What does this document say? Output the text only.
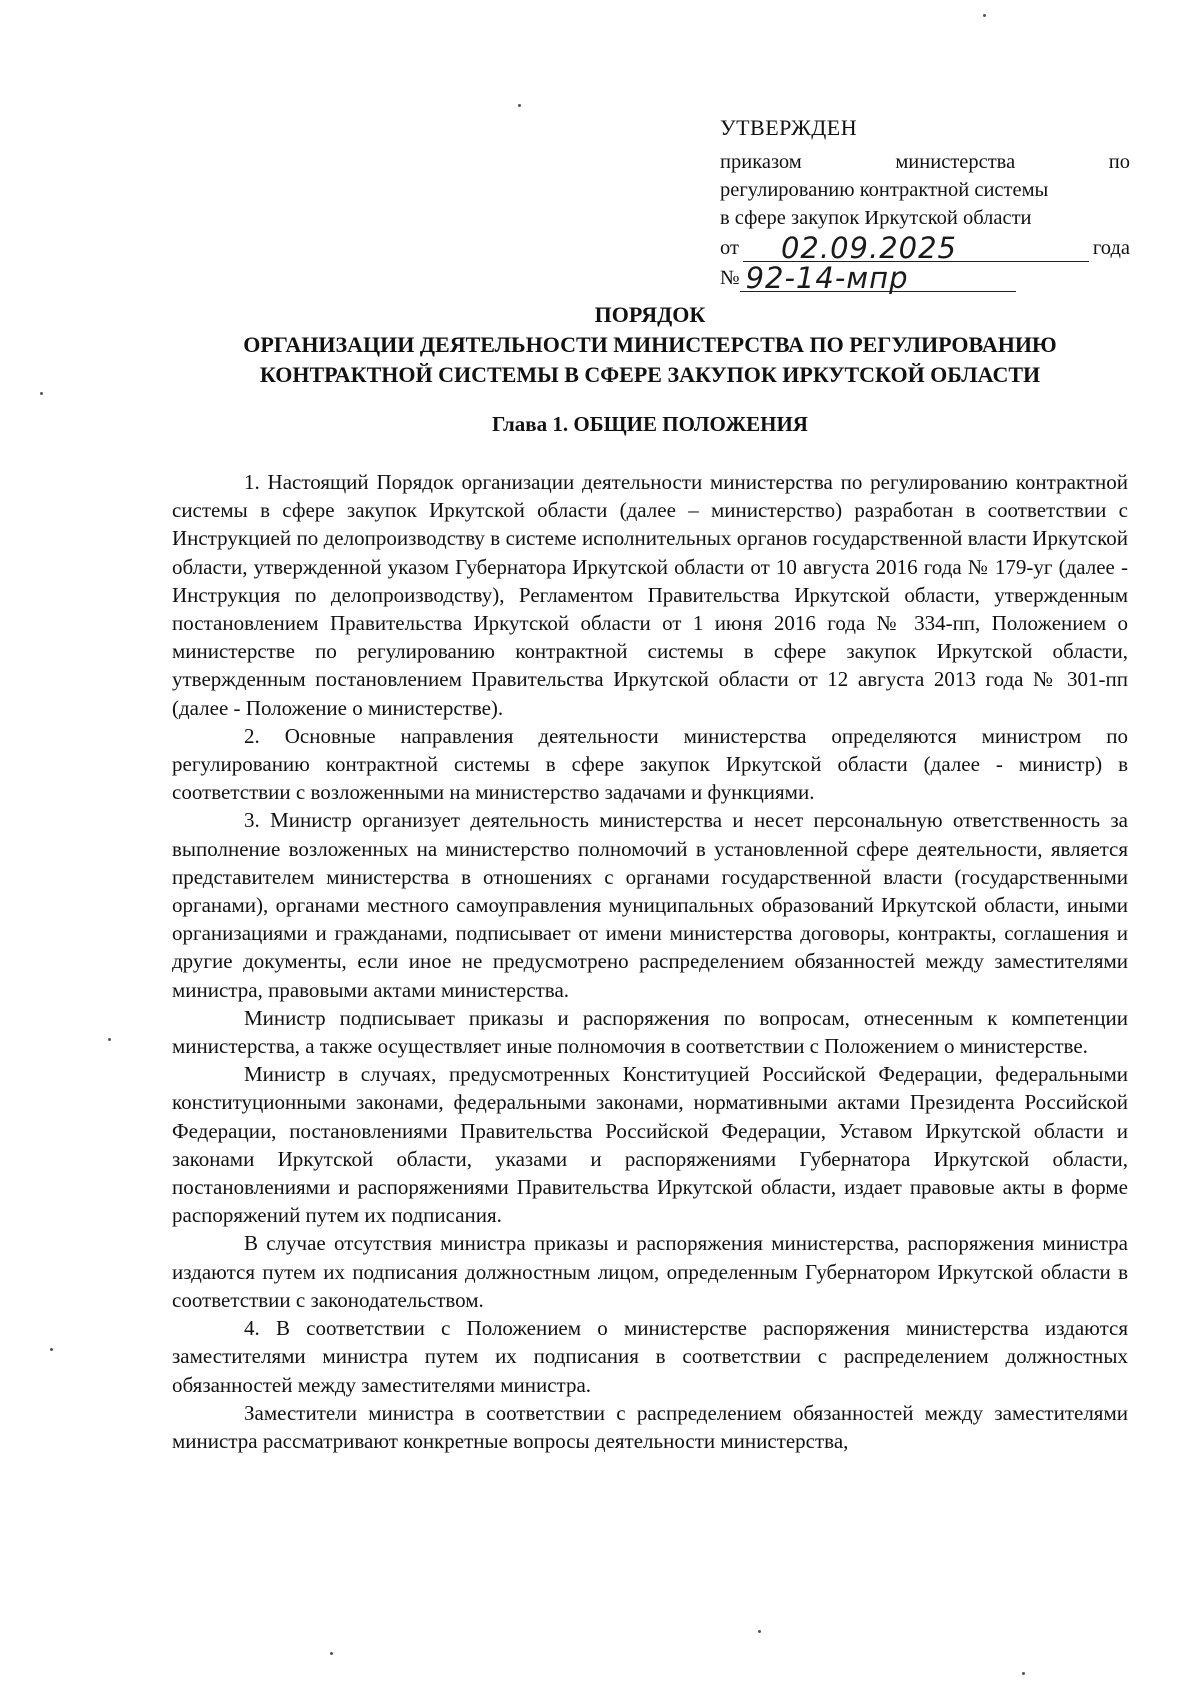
УТВЕРЖДЕН
приказом министерства по
регулированию контрактной системы
в сфере закупок Иркутской области
от	02.09.2025	года
№ 92-14-мпр
ПОРЯДОК
ОРГАНИЗАЦИИ ДЕЯТЕЛЬНОСТИ МИНИСТЕРСТВА ПО РЕГУЛИРОВАНИЮ
КОНТРАКТНОЙ СИСТЕМЫ В СФЕРЕ ЗАКУПОК ИРКУТСКОЙ ОБЛАСТИ
Глава 1. ОБЩИЕ ПОЛОЖЕНИЯ

1. Настоящий Порядок организации деятельности министерства по регулированию контрактной системы в сфере закупок Иркутской области (далее – министерство) разработан в соответствии с Инструкцией по делопроизводству в системе исполнительных органов государственной власти Иркутской области, утвержденной указом Губернатора Иркутской области от 10 августа 2016 года № 179-уг (далее - Инструкция по делопроизводству), Регламентом Правительства Иркутской области, утвержденным постановлением Правительства Иркутской области от 1 июня 2016 года № 334-пп, Положением о министерстве по регулированию контрактной системы в сфере закупок Иркутской области, утвержденным постановлением Правительства Иркутской области от 12 августа 2013 года № 301-пп (далее - Положение о министерстве).

2. Основные направления деятельности министерства определяются министром по регулированию контрактной системы в сфере закупок Иркутской области (далее - министр) в соответствии с возложенными на министерство задачами и функциями.

3. Министр организует деятельность министерства и несет персональную ответственность за выполнение возложенных на министерство полномочий в установленной сфере деятельности, является представителем министерства в отношениях с органами государственной власти (государственными органами), органами местного самоуправления муниципальных образований Иркутской области, иными организациями и гражданами, подписывает от имени министерства договоры, контракты, соглашения и другие документы, если иное не предусмотрено распределением обязанностей между заместителями министра, правовыми актами министерства.

Министр подписывает приказы и распоряжения по вопросам, отнесенным к компетенции министерства, а также осуществляет иные полномочия в соответствии с Положением о министерстве.

Министр в случаях, предусмотренных Конституцией Российской Федерации, федеральными конституционными законами, федеральными законами, нормативными актами Президента Российской Федерации, постановлениями Правительства Российской Федерации, Уставом Иркутской области и законами Иркутской области, указами и распоряжениями Губернатора Иркутской области, постановлениями и распоряжениями Правительства Иркутской области, издает правовые акты в форме распоряжений путем их подписания.

В случае отсутствия министра приказы и распоряжения министерства, распоряжения министра издаются путем их подписания должностным лицом, определенным Губернатором Иркутской области в соответствии с законодательством.

4. В соответствии с Положением о министерстве распоряжения министерства издаются заместителями министра путем их подписания в соответствии с распределением должностных обязанностей между заместителями министра.

Заместители министра в соответствии с распределением обязанностей между заместителями министра рассматривают конкретные вопросы деятельности министерства,
